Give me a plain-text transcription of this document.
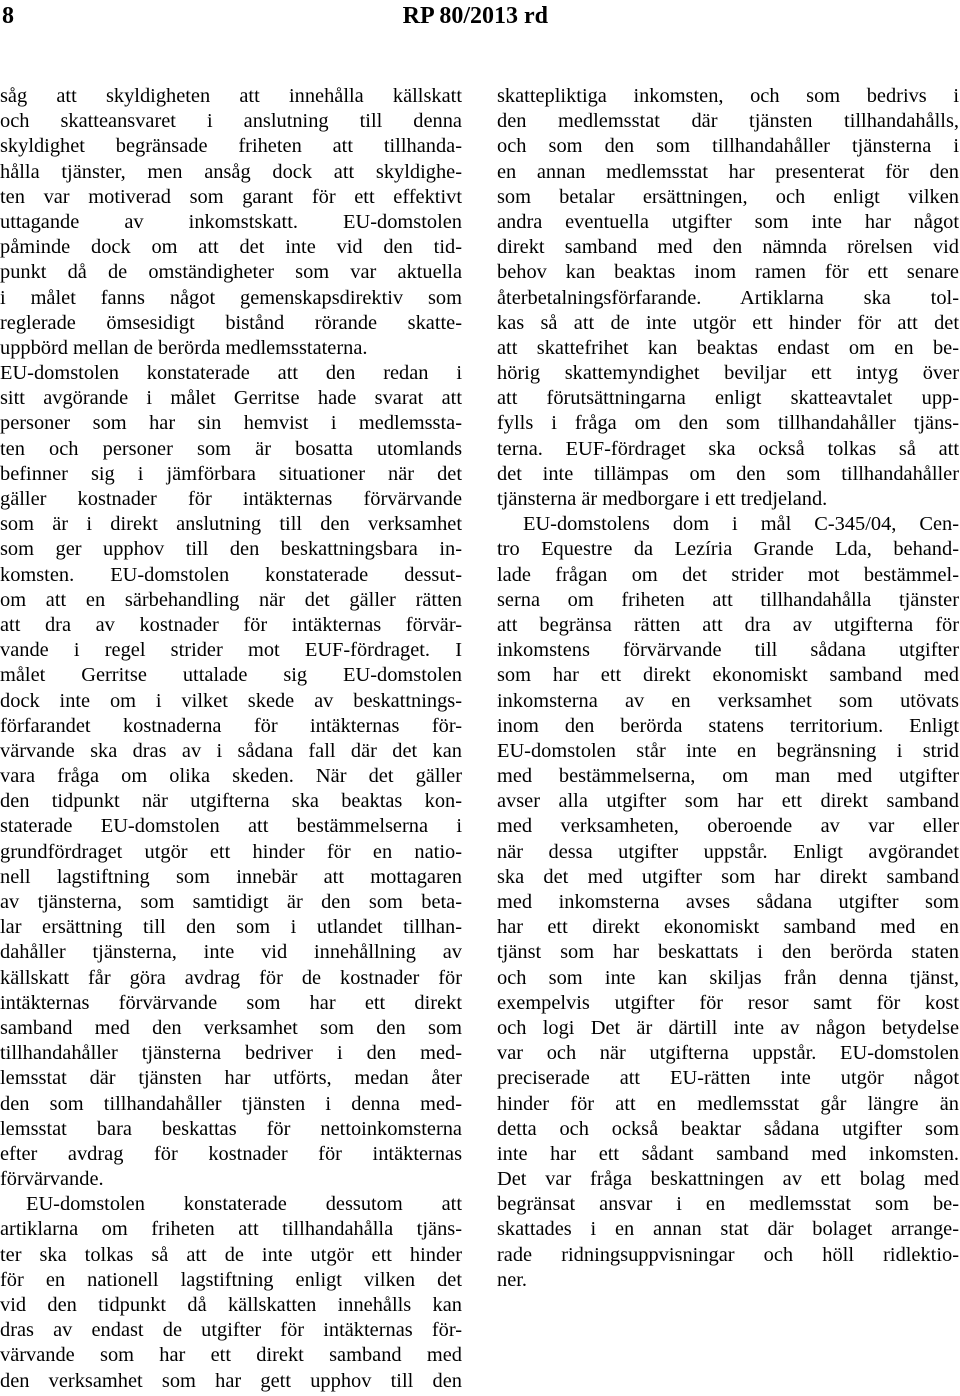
8	RP 80/2013 rd
såg att skyldigheten att innehålla källskatt
och skatteansvaret i anslutning till denna
skyldighet begränsade friheten att tillhanda-
hålla tjänster, men ansåg dock att skyldighe-
ten var motiverad som garant för ett effektivt
uttagande av inkomstskatt. EU-domstolen
påminde dock om att det inte vid den tid-
punkt då de omständigheter som var aktuella
i målet fanns något gemenskapsdirektiv som
reglerade ömsesidigt bistånd rörande skatte-
uppbörd mellan de berörda medlemsstaterna.
EU-domstolen konstaterade att den redan i
sitt avgörande i målet Gerritse hade svarat att
personer som har sin hemvist i medlemssta-
ten och personer som är bosatta utomlands
befinner sig i jämförbara situationer när det
gäller kostnader för intäkternas förvärvande
som är i direkt anslutning till den verksamhet
som ger upphov till den beskattningsbara in-
komsten. EU-domstolen konstaterade dessut-
om att en särbehandling när det gäller rätten
att dra av kostnader för intäkternas förvär-
vande i regel strider mot EUF-fördraget. I
målet Gerritse uttalade sig EU-domstolen
dock inte om i vilket skede av beskattnings-
förfarandet kostnaderna för intäkternas för-
värvande ska dras av i sådana fall där det kan
vara fråga om olika skeden. När det gäller
den tidpunkt när utgifterna ska beaktas kon-
staterade EU-domstolen att bestämmelserna i
grundfördraget utgör ett hinder för en natio-
nell lagstiftning som innebär att mottagaren
av tjänsterna, som samtidigt är den som beta-
lar ersättning till den som i utlandet tillhan-
dahåller tjänsterna, inte vid innehållning av
källskatt får göra avdrag för de kostnader för
intäkternas förvärvande som har ett direkt
samband med den verksamhet som den som
tillhandahåller tjänsterna bedriver i den med-
lemsstat där tjänsten har utförts, medan åter
den som tillhandahåller tjänsten i denna med-
lemsstat bara beskattas för nettoinkomsterna
efter avdrag för kostnader för intäkternas
förvärvande.
EU-domstolen konstaterade dessutom att
artiklarna om friheten att tillhandahålla tjäns-
ter ska tolkas så att de inte utgör ett hinder
för en nationell lagstiftning enligt vilken det
vid den tidpunkt då källskatten innehålls kan
dras av endast de utgifter för intäkternas för-
värvande som har ett direkt samband med
den verksamhet som har gett upphov till den
skattepliktiga inkomsten, och som bedrivs i
den medlemsstat där tjänsten tillhandahålls,
och som den som tillhandahåller tjänsterna i
en annan medlemsstat har presenterat för den
som betalar ersättningen, och enligt vilken
andra eventuella utgifter som inte har något
direkt samband med den nämnda rörelsen vid
behov kan beaktas inom ramen för ett senare
återbetalningsförfarande. Artiklarna ska tol-
kas så att de inte utgör ett hinder för att det
att skattefrihet kan beaktas endast om en be-
hörig skattemyndighet beviljar ett intyg över
att förutsättningarna enligt skatteavtalet upp-
fylls i fråga om den som tillhandahåller tjäns-
terna. EUF-fördraget ska också tolkas så att
det inte tillämpas om den som tillhandahåller
tjänsterna är medborgare i ett tredjeland.
EU-domstolens dom i mål C-345/04, Cen-
tro Equestre da Lezíria Grande Lda, behand-
lade frågan om det strider mot bestämmel-
serna om friheten att tillhandahålla tjänster
att begränsa rätten att dra av utgifterna för
inkomstens förvärvande till sådana utgifter
som har ett direkt ekonomiskt samband med
inkomsterna av en verksamhet som utövats
inom den berörda statens territorium. Enligt
EU-domstolen står inte en begränsning i strid
med bestämmelserna, om man med utgifter
avser alla utgifter som har ett direkt samband
med verksamheten, oberoende av var eller
när dessa utgifter uppstår. Enligt avgörandet
ska det med utgifter som har direkt samband
med inkomsterna avses sådana utgifter som
har ett direkt ekonomiskt samband med en
tjänst som har beskattats i den berörda staten
och som inte kan skiljas från denna tjänst,
exempelvis utgifter för resor samt för kost
och logi Det är därtill inte av någon betydelse
var och när utgifterna uppstår. EU-domstolen
preciserade att EU-rätten inte utgör något
hinder för att en medlemsstat går längre än
detta och också beaktar sådana utgifter som
inte har ett sådant samband med inkomsten.
Det var fråga beskattningen av ett bolag med
begränsat ansvar i en medlemsstat som be-
skattades i en annan stat där bolaget arrange-
rade ridningsuppvisningar och höll ridlektio-
ner.
